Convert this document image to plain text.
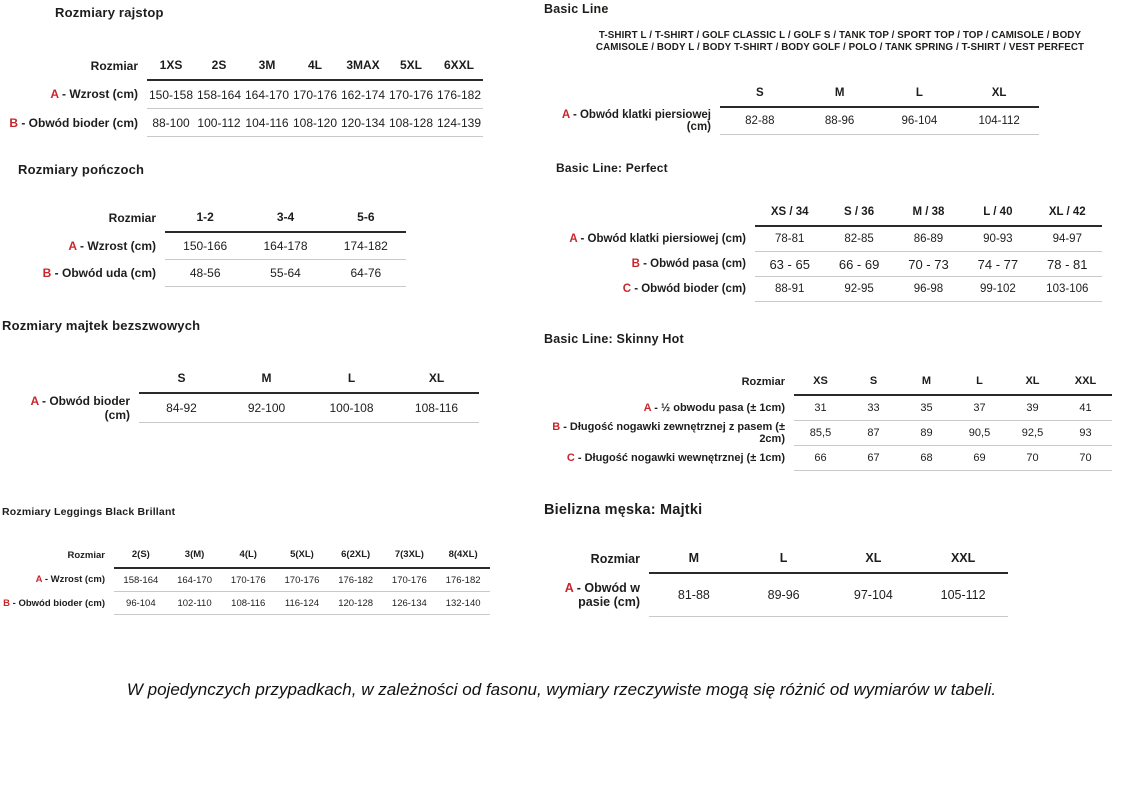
Rozmiary rajstop
Rozmiar	1XS	2S	3M	4L	3MAX	5XL	6XXL
A - Wzrost (cm)	150-158	158-164	164-170	170-176	162-174	170-176	176-182
B - Obwód bioder (cm)	88-100	100-112	104-116	108-120	120-134	108-128	124-139
Rozmiary pończoch
Rozmiar	1-2	3-4	5-6
A - Wzrost (cm)	150-166	164-178	174-182
B - Obwód uda (cm)	48-56	55-64	64-76
Rozmiary majtek bezszwowych
	S	M	L	XL
A - Obwód bioder (cm)	84-92	92-100	100-108	108-116
Rozmiary Leggings Black Brillant
Rozmiar	2(S)	3(M)	4(L)	5(XL)	6(2XL)	7(3XL)	8(4XL)
A - Wzrost (cm)	158-164	164-170	170-176	170-176	176-182	170-176	176-182
B - Obwód bioder (cm)	96-104	102-110	108-116	116-124	120-128	126-134	132-140
Basic Line
T-SHIRT L / T-SHIRT / GOLF CLASSIC L / GOLF S / TANK TOP / SPORT TOP / TOP / CAMISOLE / BODY CAMISOLE / BODY L / BODY T-SHIRT / BODY GOLF / POLO / TANK SPRING / T-SHIRT / VEST PERFECT
	S	M	L	XL
A - Obwód klatki piersiowej (cm)	82-88	88-96	96-104	104-112
Basic Line: Perfect
	XS / 34	S / 36	M / 38	L / 40	XL / 42
A - Obwód klatki piersiowej (cm)	78-81	82-85	86-89	90-93	94-97
B - Obwód pasa (cm)	63 - 65	66 - 69	70 - 73	74 - 77	78 - 81
C - Obwód bioder (cm)	88-91	92-95	96-98	99-102	103-106
Basic Line: Skinny Hot
Rozmiar	XS	S	M	L	XL	XXL
A - ½ obwodu pasa (± 1cm)	31	33	35	37	39	41
B - Długość nogawki zewnętrznej z pasem (± 2cm)	85,5	87	89	90,5	92,5	93
C - Długość nogawki wewnętrznej (± 1cm)	66	67	68	69	70	70
Bielizna męska: Majtki
Rozmiar	M	L	XL	XXL
A - Obwód w pasie (cm)	81-88	89-96	97-104	105-112

W pojedynczych przypadkach, w zależności od fasonu, wymiary rzeczywiste mogą się różnić od wymiarów w tabeli.
